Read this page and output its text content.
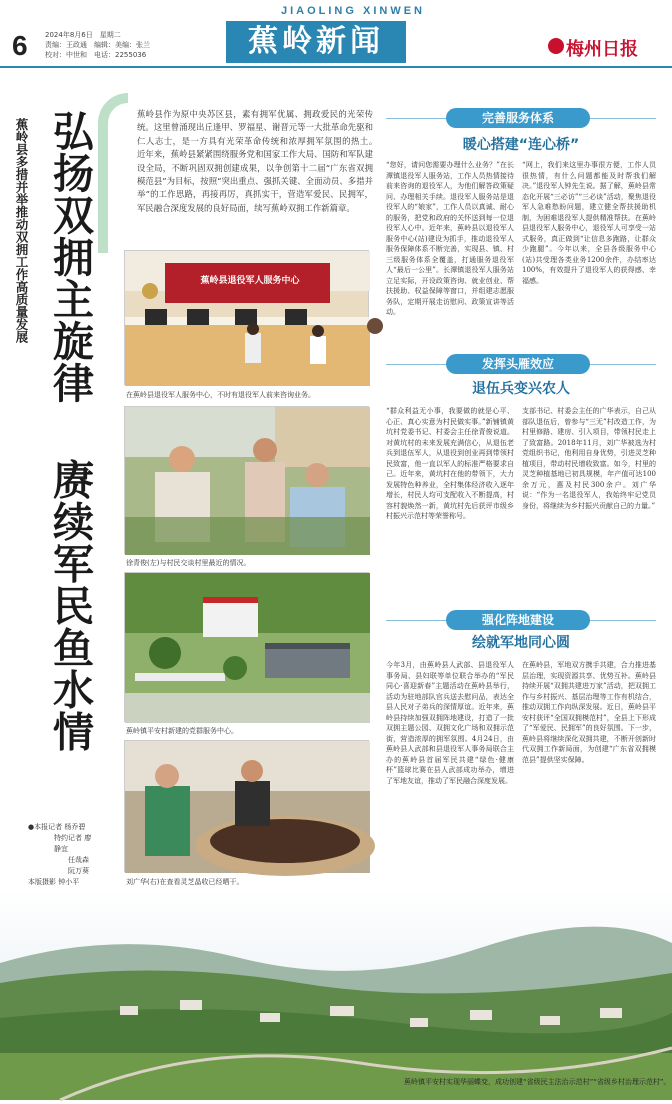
JIAOLING XINWEN
6 2024年8月6日　星期二
责编：王政通　编辑：美编：张兰
校对：中世和　电话：2255036	蕉岭新闻	梅州日报
蕉岭县多措并举推动双拥工作高质量发展 弘扬双拥主旋律  赓续军民鱼水情
●本报记者 杨乔碧
特约记者 廖静宜
任哉森
阮万葵
本版摄影 钟小平
蕉岭县作为原中央苏区县，素有拥军优属、拥政爱民的光荣传统。这里曾涌现出丘逢甲、罗福星、谢晋元等一大批革命先驱和仁人志士，是一方具有光荣革命传统和浓厚拥军氛围的热土。　　近年来，蕉岭县紧紧围绕服务党和国家工作大局、国防和军队建设全局，不断巩固双拥创建成果，以争创第十二届“广东省双拥模范县”为目标，按照“突出重点、强抓关键、全面动员、多措并举”的工作思路，再接再厉，真抓实干，营造军爱民、民拥军，军民融合深度发展的良好局面，续写蕉岭双拥工作新篇章。
蕉岭县退役军人服务中心
在蕉岭县退役军人服务中心，不时有退役军人前来咨询业务。
徐青俊(左)与村民交谈村里最近的情况。
蕉岭镇平安村新建的党群服务中心。
刘广华(右)在查看灵芝晶收已经晒干。
完善服务体系
暖心搭建“连心桥”
“您好，请问您需要办理什么业务？”在长潭镇退役军人服务站，工作人员热情接待前来咨询的退役军人，为他们解答政策疑问、办理相关手续。退役军人服务站是退役军人的“娘家”，工作人员以真诚、耐心的服务，把党和政府的关怀送到每一位退役军人心中。近年来，蕉岭县以退役军人服务中心(站)建设为抓手，推动退役军人服务保障体系不断完善，实现县、镇、村三级服务体系全覆盖，打通服务退役军人“最后一公里”。长潭镇退役军人服务站立足实际，开设政策咨询、就业创业、帮扶援助、权益保障等窗口，并组建志愿服务队，定期开展走访慰问、政策宣讲等活动。
“网上，我们来这里办事很方便，工作人员很热情，有什么问题都能及时帮我们解决。”退役军人钟先生说。据了解，蕉岭县常态化开展“三必访”“三必谈”活动，聚焦退役军人急难愁盼问题，建立健全帮扶援助机制，为困难退役军人提供精准帮扶。在蕉岭县退役军人服务中心，退役军人可享受一站式服务，真正做到“让信息多跑路，让群众少跑腿”。今年以来，全县各级服务中心(站)共受理各类业务1200余件，办结率达100%，有效提升了退役军人的获得感、幸福感。
发挥头雁效应
退伍兵变兴农人
“群众利益无小事，我要做的就是心平、心正、真心实意为村民做实事。”新铺镇黄坑村党委书记、村委会主任徐青俊说道。对黄坑村的未来发展充满信心，从退伍老兵到退伍军人，从退役到创业再到带领村民致富，他一直以军人的标准严格要求自己。近年来，黄坑村在他的带领下，大力发展特色种养业，全村集体经济收入逐年增长，村民人均可支配收入不断提高，村容村貌焕然一新，黄坑村先后获评市级乡村振兴示范村等荣誉称号。
支部书记、村委会主任的广华表示，自己从部队退伍后，曾参与“三无”村改造工作，为村里修路、建房、引入项目，带领村民走上了致富路。2018年11月，刘广华被选为村党组织书记，他利用自身优势，引进灵芝种植项目，带动村民增收致富。如今，村里的灵芝种植基地已初具规模，年产值可达100余万元，惠及村民300余户。刘广华说：“作为一名退役军人，我始终牢记党员身份，将继续为乡村振兴贡献自己的力量。”
强化阵地建设
绘就军地同心圆
今年3月，由蕉岭县人武部、县退役军人事务局、县妇联等单位联合举办的“军民同心·喜迎新春”主题活动在蕉岭县举行，活动为驻地部队官兵送去慰问品，表达全县人民对子弟兵的深情厚谊。近年来，蕉岭县持续加强双拥阵地建设，打造了一批双拥主题公园、双拥文化广场和双拥示范街，营造浓厚的拥军氛围。4月24日，由蕉岭县人武部和县退役军人事务局联合主办的蕉岭县首届军民共建“绿色·健康杯”篮球比赛在县人武部成功举办，增进了军地友谊，推动了军民融合深度发展。
在蕉岭县，军地双方携手共建，合力推进基层治理，实现资源共享、优势互补。蕉岭县持续开展“双拥共建进万家”活动，把双拥工作与乡村振兴、基层治理等工作有机结合，推动双拥工作向纵深发展。近日，蕉岭县平安村获评“全国双拥模范村”，全县上下形成了“军爱民、民拥军”的良好氛围。下一步，蕉岭县将继续深化双拥共建，不断开创新时代双拥工作新局面，为创建“广东省双拥模范县”提供坚实保障。
蕉岭镇平安村实现华丽蝶变，成功创建“省级民主法治示范村”“省级乡村治理示范村”。
